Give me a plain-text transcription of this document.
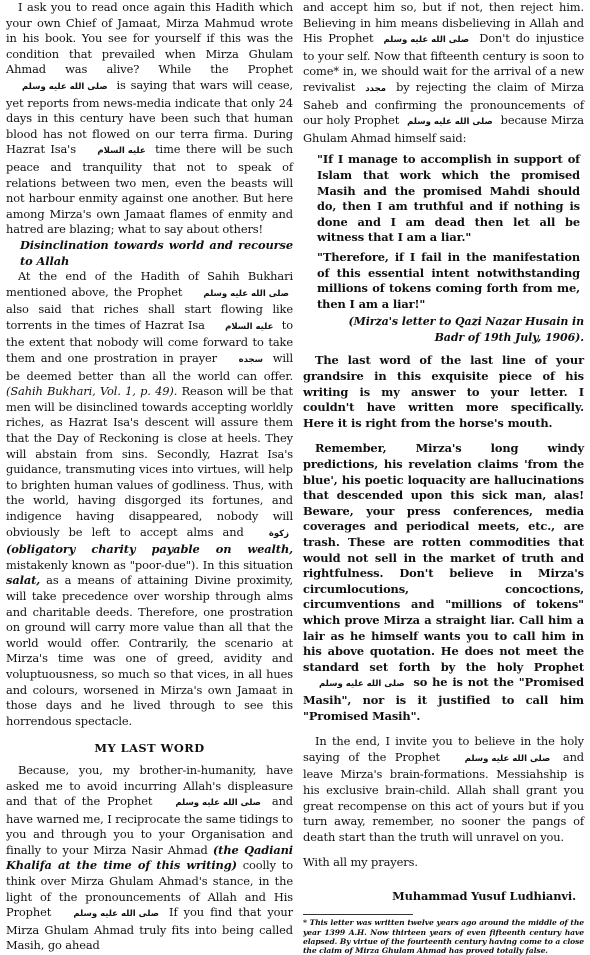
I ask you to read once again this Hadith which your own Chief of Jamaat, Mirza Mahmud wrote in his book. You see for yourself if this was the condition that prevailed when Mirza Ghulam Ahmad was alive? While the Prophet صلى الله عليه وسلم is saying that wars will cease, yet reports from news-media indicate that only 24 days in this century have been such that human blood has not flowed on our terra firma. During Hazrat Isa's	عليه السلام time there will be such peace and tranquility that not to speak of relations between two men, even the beasts will not harbour enmity against one another. But here among Mirza's own Jamaat flames of enmity and hatred are blazing; what to say about others!

Disinclination towards world and recourse to Allah

At the end of the Hadith of Sahih Bukhari mentioned above, the Prophet صلى الله عليه وسلم also said that riches shall start flowing like torrents in the times of Hazrat Isa عليه السلام to the extent that nobody will come forward to take them and one prostration in prayer	سجده will be deemed better than all the world can offer. (Sahih Bukhari, Vol. 1, p. 49). Reason will be that men will be disinclined towards accepting worldly riches, as Hazrat Isa's descent will assure them that the Day of Reckoning is close at heels. They will abstain from sins. Secondly, Hazrat Isa's guidance, transmuting vices into virtues, will help to brighten human values of godliness. Thus, with the world, having disgorged its fortunes, and indigence having disappeared, nobody will obviously be left to accept alms and	زکوة (obligatory charity payable on wealth, mistakenly known as "poor-due"). In this situation salat, as a means of attaining Divine proximity, will take precedence over worship through alms and charitable deeds. Therefore, one prostration on ground will carry more value than all that the world would offer. Contrarily, the scenario at Mirza's time was one of greed, avidity and voluptuousness, so much so that vices, in all hues and colours, worsened in Mirza's own Jamaat in those days and he lived through to see this horrendous spectacle.

MY LAST WORD

Because, you, my brother-in-humanity, have asked me to avoid incurring Allah's displeasure and that of the Prophet	صلى الله عليه وسلم and have warned me, I reciprocate the same tidings to you and through you to your Organisation and finally to your Mirza Nasir Ahmad (the Qadiani Khalifa at the time of this writing) coolly to think over Mirza Ghulam Ahmad's stance, in the light of the pronouncements of Allah and His Prophet	صلى الله عليه وسلم If you find that your Mirza Ghulam Ahmad truly fits into being called Masih, go ahead

and accept him so, but if not, then reject him. Believing in him means disbelieving in Allah and His Prophet صلى الله عليه وسلم Don't do injustice to your self. Now that fifteenth century is soon to come* in, we should wait for the arrival of a new revivalist مجدد by rejecting the claim of Mirza Saheb and confirming the pronouncements of our holy Prophet صلى الله عليه وسلم because Mirza Ghulam Ahmad himself said:

"If I manage to accomplish in support of Islam that work which the promised Masih and the promised Mahdi should do, then I am truthful and if nothing is done and I am dead then let all be witness that I am a liar."

"Therefore, if I fail in the manifestation of this essential intent notwithstanding millions of tokens coming forth from me, then I am a liar!"

(Mirza's letter to Qazi Nazar Husain in Badr of 19th July, 1906).

The last word of the last line of your grandsire in this exquisite piece of his writing is my answer to your letter. I couldn't have written more specifically. Here it is right from the horse's mouth.

Remember, Mirza's long windy predictions, his revelation claims 'from the blue', his poetic loquacity are hallucinations that descended upon this sick man, alas! Beware, your press conferences, media coverages and periodical meets, etc., are trash. These are rotten commodities that would not sell in the market of truth and rightfulness. Don't believe in Mirza's circumlocutions, concoctions, circumventions and "millions of tokens" which prove Mirza a straight liar. Call him a lair as he himself wants you to call him in his above quotation. He does not meet the standard set forth by the holy Prophet صلى الله عليه وسلم so he is not the "Promised Masih", nor is it justified to call him "Promised Masih".

In the end, I invite you to believe in the holy saying of the Prophet	صلى الله عليه وسلم and leave Mirza's brain-formations. Messiahship is his exclusive brain-child. Allah shall grant you great recompense on this act of yours but if you turn away, remember, no sooner the pangs of death start than the truth will unravel on you.

With all my prayers.

Muhammad Yusuf Ludhianvi.

* This letter was written twelve years ago around the middle of the year 1399 A.H. Now thirteen years of even fifteenth century have elapsed. By virtue of the fourteenth century having come to a close the claim of Mirza Ghulam Ahmad has proved totally false.
